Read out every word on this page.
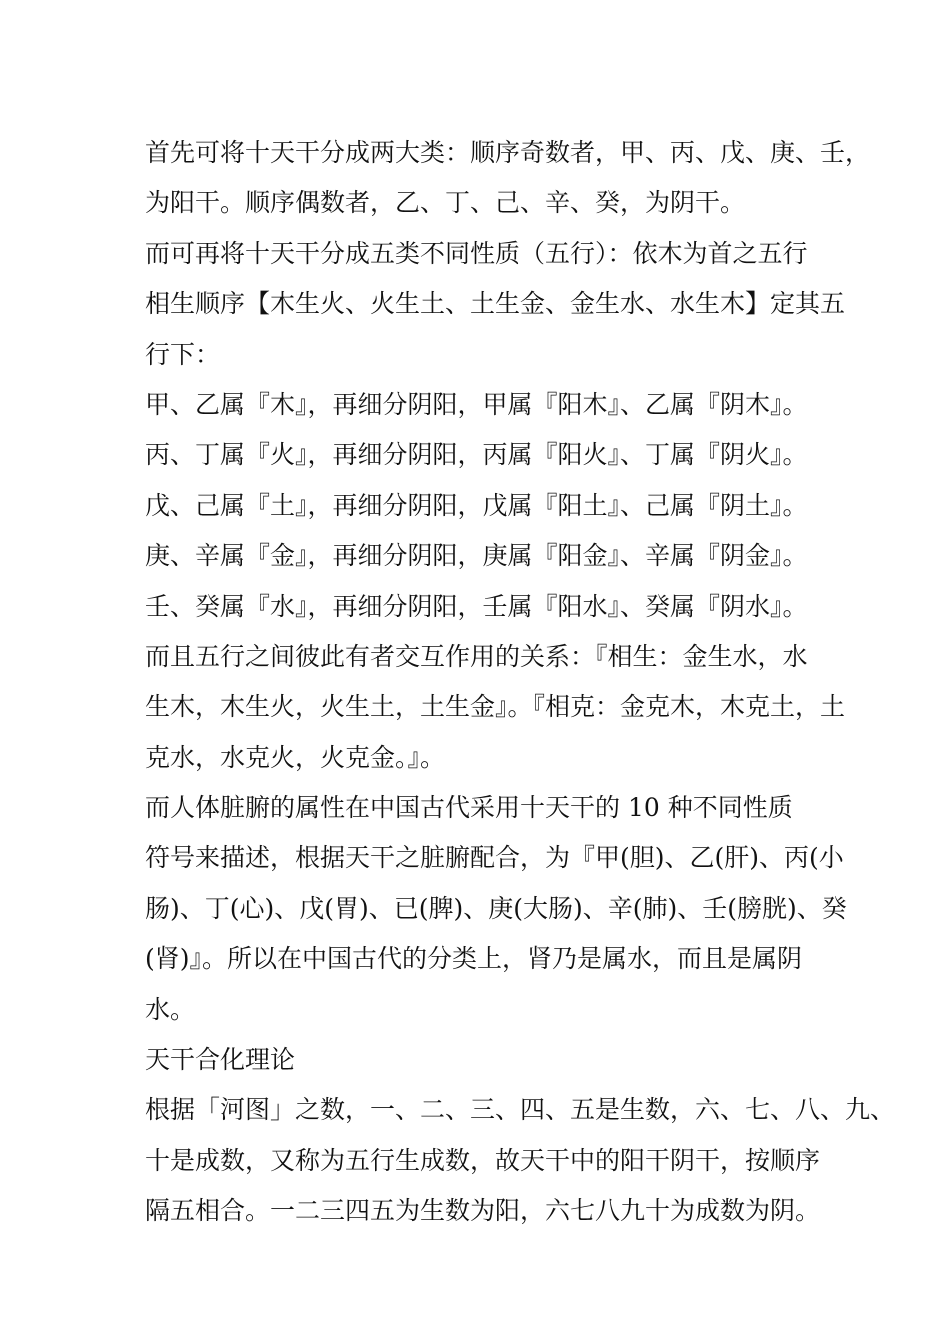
首先可将十天干分成两大类：顺序奇数者，甲、丙、戊、庚、壬，
为阳干。顺序偶数者，乙、丁、己、辛、癸，为阴干。
而可再将十天干分成五类不同性质（五行）：依木为首之五行
相生顺序【木生火、火生土、土生金、金生水、水生木】定其五
行下：
甲、乙属『木』，再细分阴阳，甲属『阳木』、乙属『阴木』。
丙、丁属『火』，再细分阴阳，丙属『阳火』、丁属『阴火』。
戊、己属『土』，再细分阴阳，戊属『阳土』、己属『阴土』。
庚、辛属『金』，再细分阴阳，庚属『阳金』、辛属『阴金』。
壬、癸属『水』，再细分阴阳，壬属『阳水』、癸属『阴水』。
而且五行之间彼此有者交互作用的关系：『相生：金生水，水
生木，木生火，火生土，土生金』。『相克：金克木，木克土，土
克水，水克火，火克金。』。
而人体脏腑的属性在中国古代采用十天干的 10 种不同性质
符号来描述，根据天干之脏腑配合，为『甲(胆)、乙(肝)、丙(小
肠)、丁(心)、戊(胃)、已(脾)、庚(大肠)、辛(肺)、壬(膀胱)、癸
(肾)』。所以在中国古代的分类上，肾乃是属水，而且是属阴
水。
天干合化理论
根据「河图」之数，一、二、三、四、五是生数，六、七、八、九、
十是成数，又称为五行生成数，故天干中的阳干阴干，按顺序
隔五相合。一二三四五为生数为阳，六七八九十为成数为阴。
